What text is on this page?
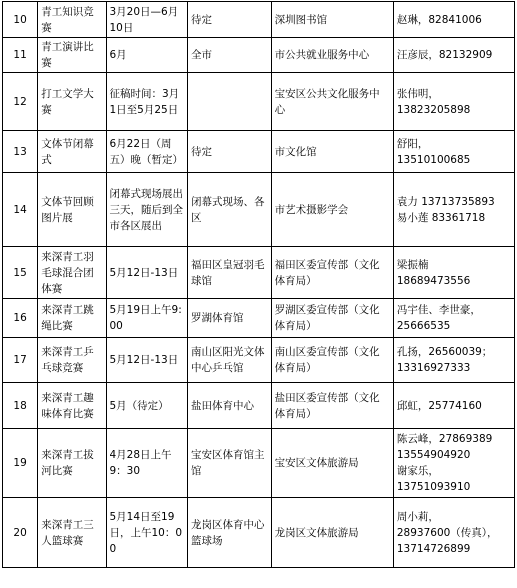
10	青工知识竞赛	3月20日—6月10日	待定	深圳图书馆	赵琳，82841006

11	青工演讲比赛	6月	全市	市公共就业服务中心	汪彦辰，82132909

12	打工文学大赛	征稿时间：3月1日至5月25日		宝安区公共文化服务中心	张伟明，
13823205898

13	文体节闭幕式	6月22日（周五）晚（暂定）	待定	市文化馆	舒阳，
13510100685

14	文体节回顾图片展	闭幕式现场展出三天，随后到全市各区展出	闭幕式现场、各区	市艺术摄影学会	袁力 13713735893
易小莲 83361718

15	来深青工羽毛球混合团体赛	5月12日-13日	福田区皇冠羽毛球馆	福田区委宣传部（文化体育局）	梁振楠
18689473556

16	来深青工跳绳比赛	5月19日上午9:00	罗湖体育馆	罗湖区委宣传部（文化体育局）	冯宇佳、李世豪，
25666535

17	来深青工乒乓球竞赛	5月12日-13日	南山区阳光文体中心乒乓馆	南山区委宣传部（文化体育局）	孔扬，26560039；
13316927333

18	来深青工趣味体育比赛	5月（待定）	盐田体育中心	盐田区委宣传部（文化体育局）	邱虹，25774160

19	来深青工拔河比赛	4月28日上午9：30	宝安区体育馆主馆	宝安区文体旅游局	陈云峰，27869389
13554904920
谢家乐，
13751093910

20	来深青工三人篮球赛	5月14日至19日，上午10：00	龙岗区体育中心篮球场	龙岗区文体旅游局	周小莉，
28937600（传真），
13714726899
